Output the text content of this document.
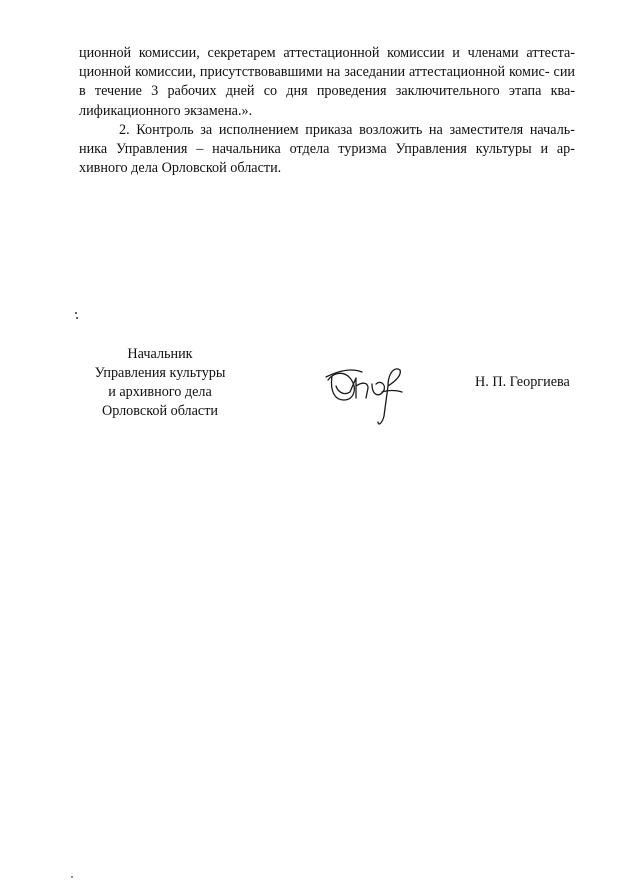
ционной комиссии, секретарем аттестационной комиссии и членами аттеста- ционной комиссии, присутствовавшими на заседании аттестационной комис- сии в течение 3 рабочих дней со дня проведения заключительного этапа ква- лификационного экзамена.».

2. Контроль за исполнением приказа возложить на заместителя началь- ника Управления – начальника отдела туризма Управления культуры и ар- хивного дела Орловской области.

Начальник
Управления культуры
и архивного дела
Орловской области
Н. П. Георгиева
